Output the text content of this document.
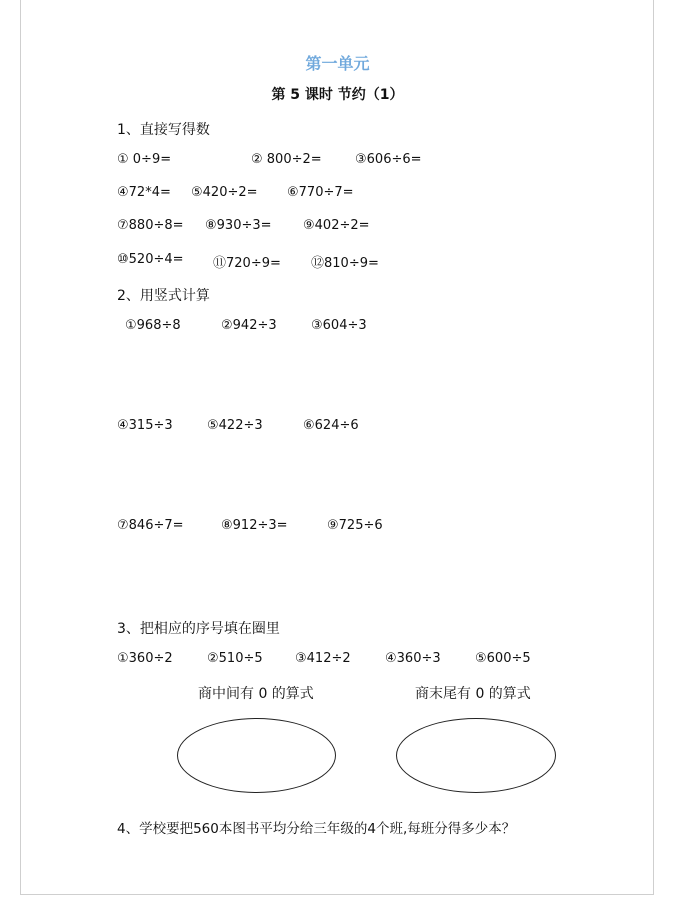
第一单元
第 5 课时 节约（1）
1、直接写得数
① 0÷9=	② 800÷2=	③606÷6=
④72*4= ⑤420÷2= ⑥770÷7=
⑦880÷8= ⑧930÷3= ⑨402÷2=
⑩520÷4= ⑪720÷9= ⑫810÷9=
2、用竖式计算
①968÷8	②942÷3	③604÷3
④315÷3	⑤422÷3	⑥624÷6
⑦846÷7=	⑧912÷3=	⑨725÷6
3、把相应的序号填在圈里
①360÷2	②510÷5 ③412÷2	④360÷3	⑤600÷5
商中间有 0 的算式	商末尾有 0 的算式
4、学校要把560本图书平均分给三年级的4个班,每班分得多少本？
